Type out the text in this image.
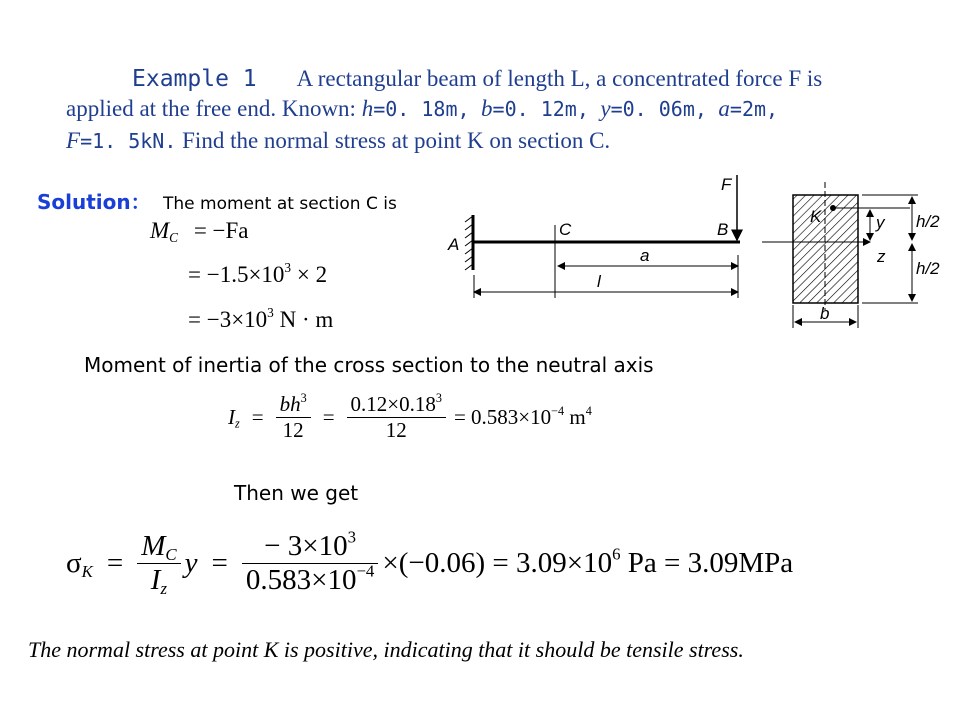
Example 1 A rectangular beam of length L, a concentrated force F is
applied at the free end. Known: h=0. 18m, b=0. 12m, y=0. 06m, a=2m,
F=1. 5kN. Find the normal stress at point K on section C.
Solution： The moment at section C is
$M_C = -Fa$
= $-1.5\times 10^3 \times 2$
= $-3\times 10^3$ N · m
A
C	B
F
a
l
K	y
z
h/2
h/2
b
Moment of inertia of the cross section to the neutral axis
$I_z = \frac{bh^3}{12} = \frac{0.12\times 0.18^3}{12} = 0.583\times 10^{-4}$ $m^4$
Then we get
$\sigma_K = \frac{M_C}{I_z}$ $y = \frac{- 3\times 10^3}{0.583\times 10^{-4}} \times(-0.06) = 3.09\times 10^6$ Pa = 3.09MPa
The normal stress at point K is positive, indicating that it should be tensile stress.
